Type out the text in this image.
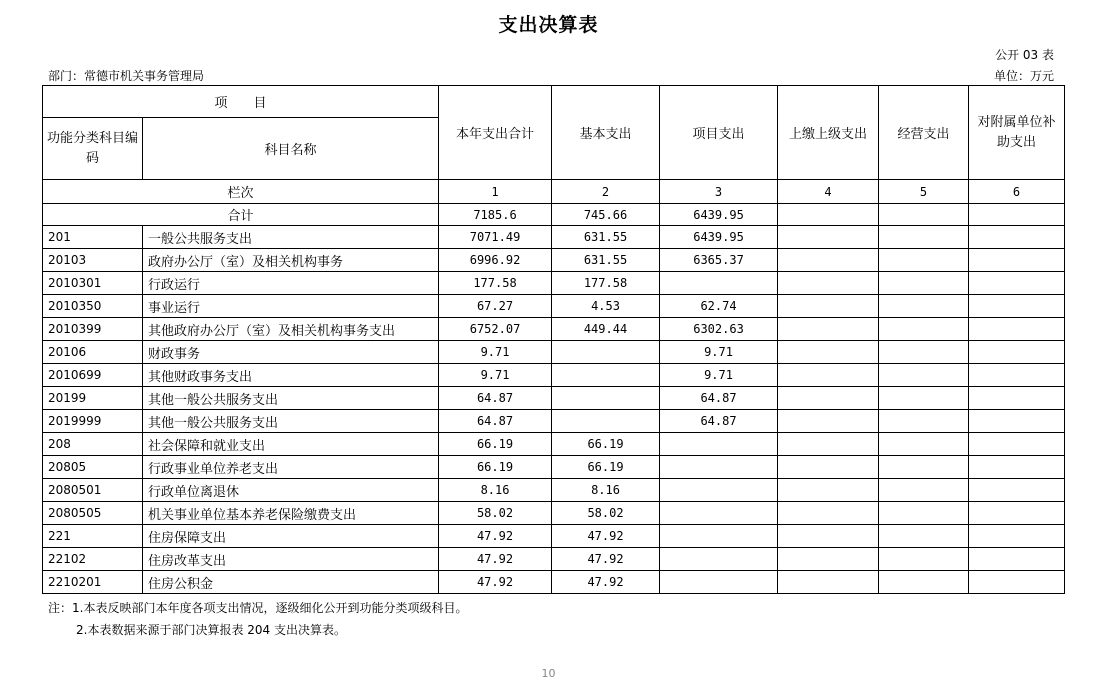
支出决算表
公开 03 表
部门：常德市机关事务管理局	单位：万元
项　　目		本年支出合计	基本支出	项目支出	上缴上级支出	经营支出	对附属单位补助支出
功能分类科目编码	科目名称						
栏次		1	2	3	4	5	6
合计		7185.6	745.66	6439.95			
201	一般公共服务支出	7071.49	631.55	6439.95			
20103	政府办公厅（室）及相关机构事务	6996.92	631.55	6365.37			
2010301	行政运行	177.58	177.58				
2010350	事业运行	67.27	4.53	62.74			
2010399	其他政府办公厅（室）及相关机构事务支出	6752.07	449.44	6302.63			
20106	财政事务	9.71		9.71			
2010699	其他财政事务支出	9.71		9.71			
20199	其他一般公共服务支出	64.87		64.87			
2019999	其他一般公共服务支出	64.87		64.87			
208	社会保障和就业支出	66.19	66.19				
20805	行政事业单位养老支出	66.19	66.19				
2080501	行政单位离退休	8.16	8.16				
2080505	机关事业单位基本养老保险缴费支出	58.02	58.02				
221	住房保障支出	47.92	47.92				
22102	住房改革支出	47.92	47.92				
2210201	住房公积金	47.92	47.92				
注：1.本表反映部门本年度各项支出情况，逐级细化公开到功能分类项级科目。
2.本表数据来源于部门决算报表 204 支出决算表。
10
